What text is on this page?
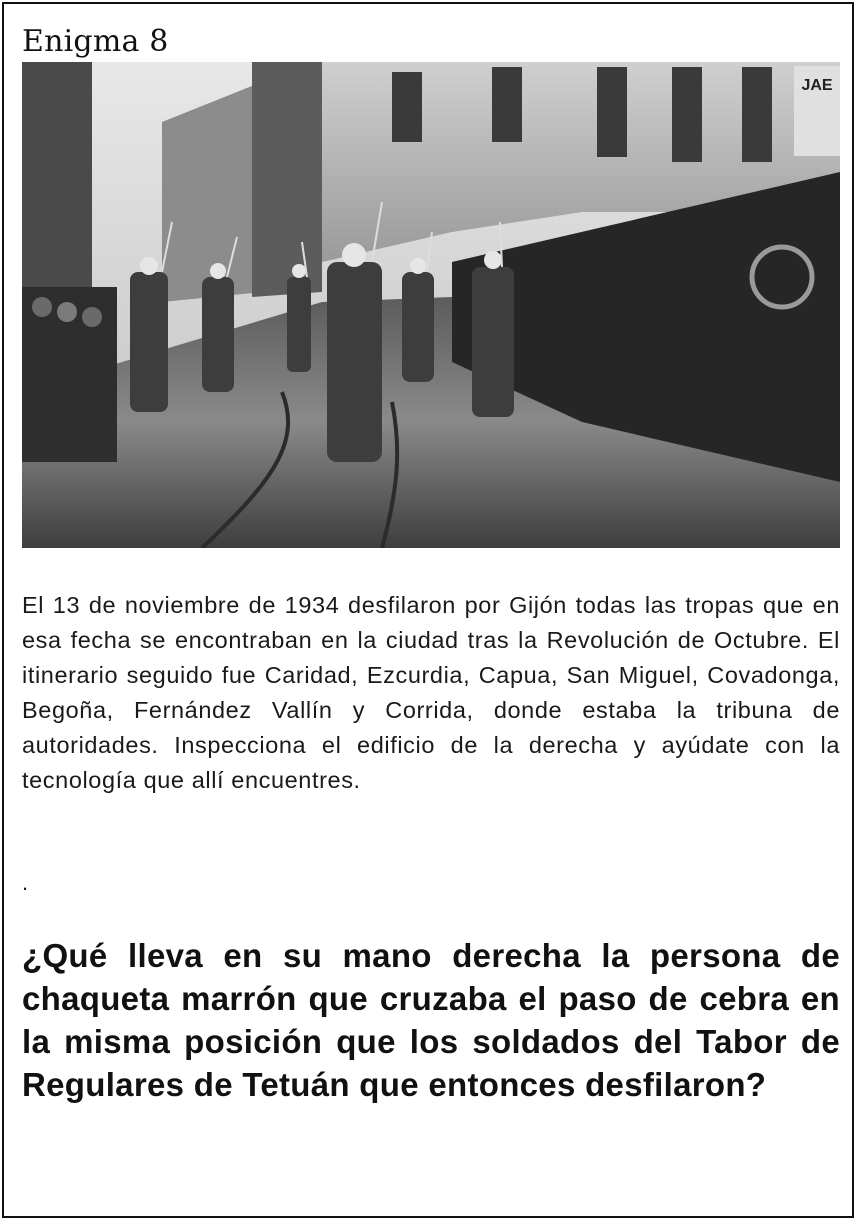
Enigma 8
JAE

El 13 de noviembre de 1934 desfilaron por Gijón todas las tropas que en esa fecha se encontraban en la ciudad tras la Revolución de Octubre. El itinerario seguido fue Caridad, Ezcurdia, Capua, San Miguel, Covadonga, Begoña, Fernández Vallín y Corrida, donde estaba la tribuna de autoridades. Inspecciona el edificio de la derecha y ayúdate con la tecnología que allí encuentres.

.

¿Qué lleva en su mano derecha la persona de chaqueta marrón que cruzaba el paso de cebra en la misma posición que los soldados del Tabor de Regulares de Tetuán que entonces desfilaron?
